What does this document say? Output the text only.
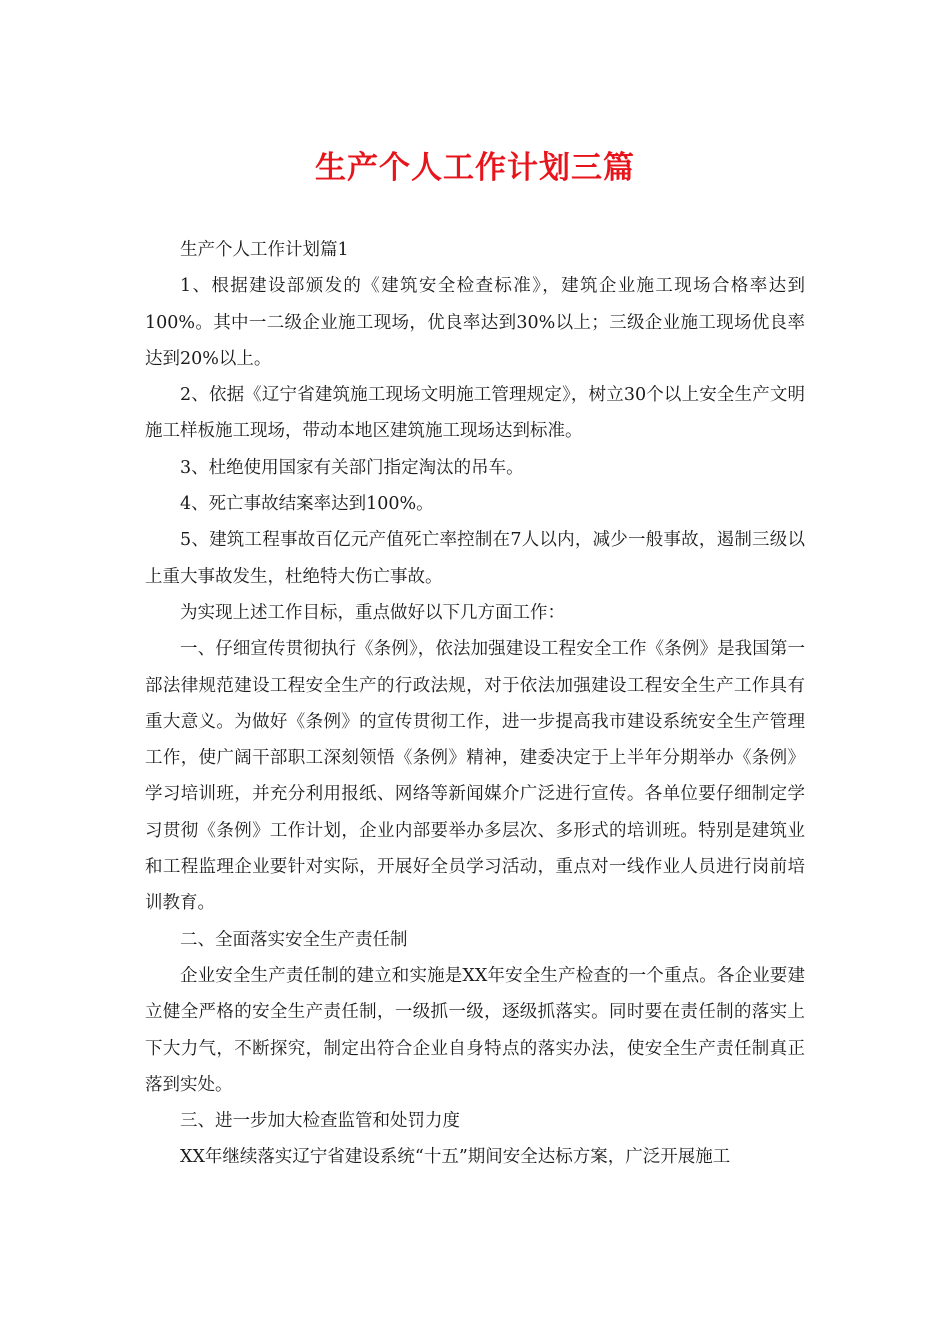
生产个人工作计划三篇

生产个人工作计划篇1

1、根据建设部颁发的《建筑安全检查标准》，建筑企业施工现场合格率达到100%。其中一二级企业施工现场，优良率达到30%以上；三级企业施工现场优良率达到20%以上。

2、依据《辽宁省建筑施工现场文明施工管理规定》，树立30个以上安全生产文明施工样板施工现场，带动本地区建筑施工现场达到标准。

3、杜绝使用国家有关部门指定淘汰的吊车。

4、死亡事故结案率达到100%。

5、建筑工程事故百亿元产值死亡率控制在7人以内，减少一般事故，遏制三级以上重大事故发生，杜绝特大伤亡事故。

为实现上述工作目标，重点做好以下几方面工作：

一、仔细宣传贯彻执行《条例》，依法加强建设工程安全工作《条例》是我国第一部法律规范建设工程安全生产的行政法规，对于依法加强建设工程安全生产工作具有重大意义。为做好《条例》的宣传贯彻工作，进一步提高我市建设系统安全生产管理工作，使广阔干部职工深刻领悟《条例》精神，建委决定于上半年分期举办《条例》学习培训班，并充分利用报纸、网络等新闻媒介广泛进行宣传。各单位要仔细制定学习贯彻《条例》工作计划，企业内部要举办多层次、多形式的培训班。特别是建筑业和工程监理企业要针对实际，开展好全员学习活动，重点对一线作业人员进行岗前培训教育。

二、全面落实安全生产责任制

企业安全生产责任制的建立和实施是XX年安全生产检查的一个重点。各企业要建立健全严格的安全生产责任制，一级抓一级，逐级抓落实。同时要在责任制的落实上下大力气，不断探究，制定出符合企业自身特点的落实办法，使安全生产责任制真正落到实处。

三、进一步加大检查监管和处罚力度

XX年继续落实辽宁省建设系统“十五”期间安全达标方案，广泛开展施工
